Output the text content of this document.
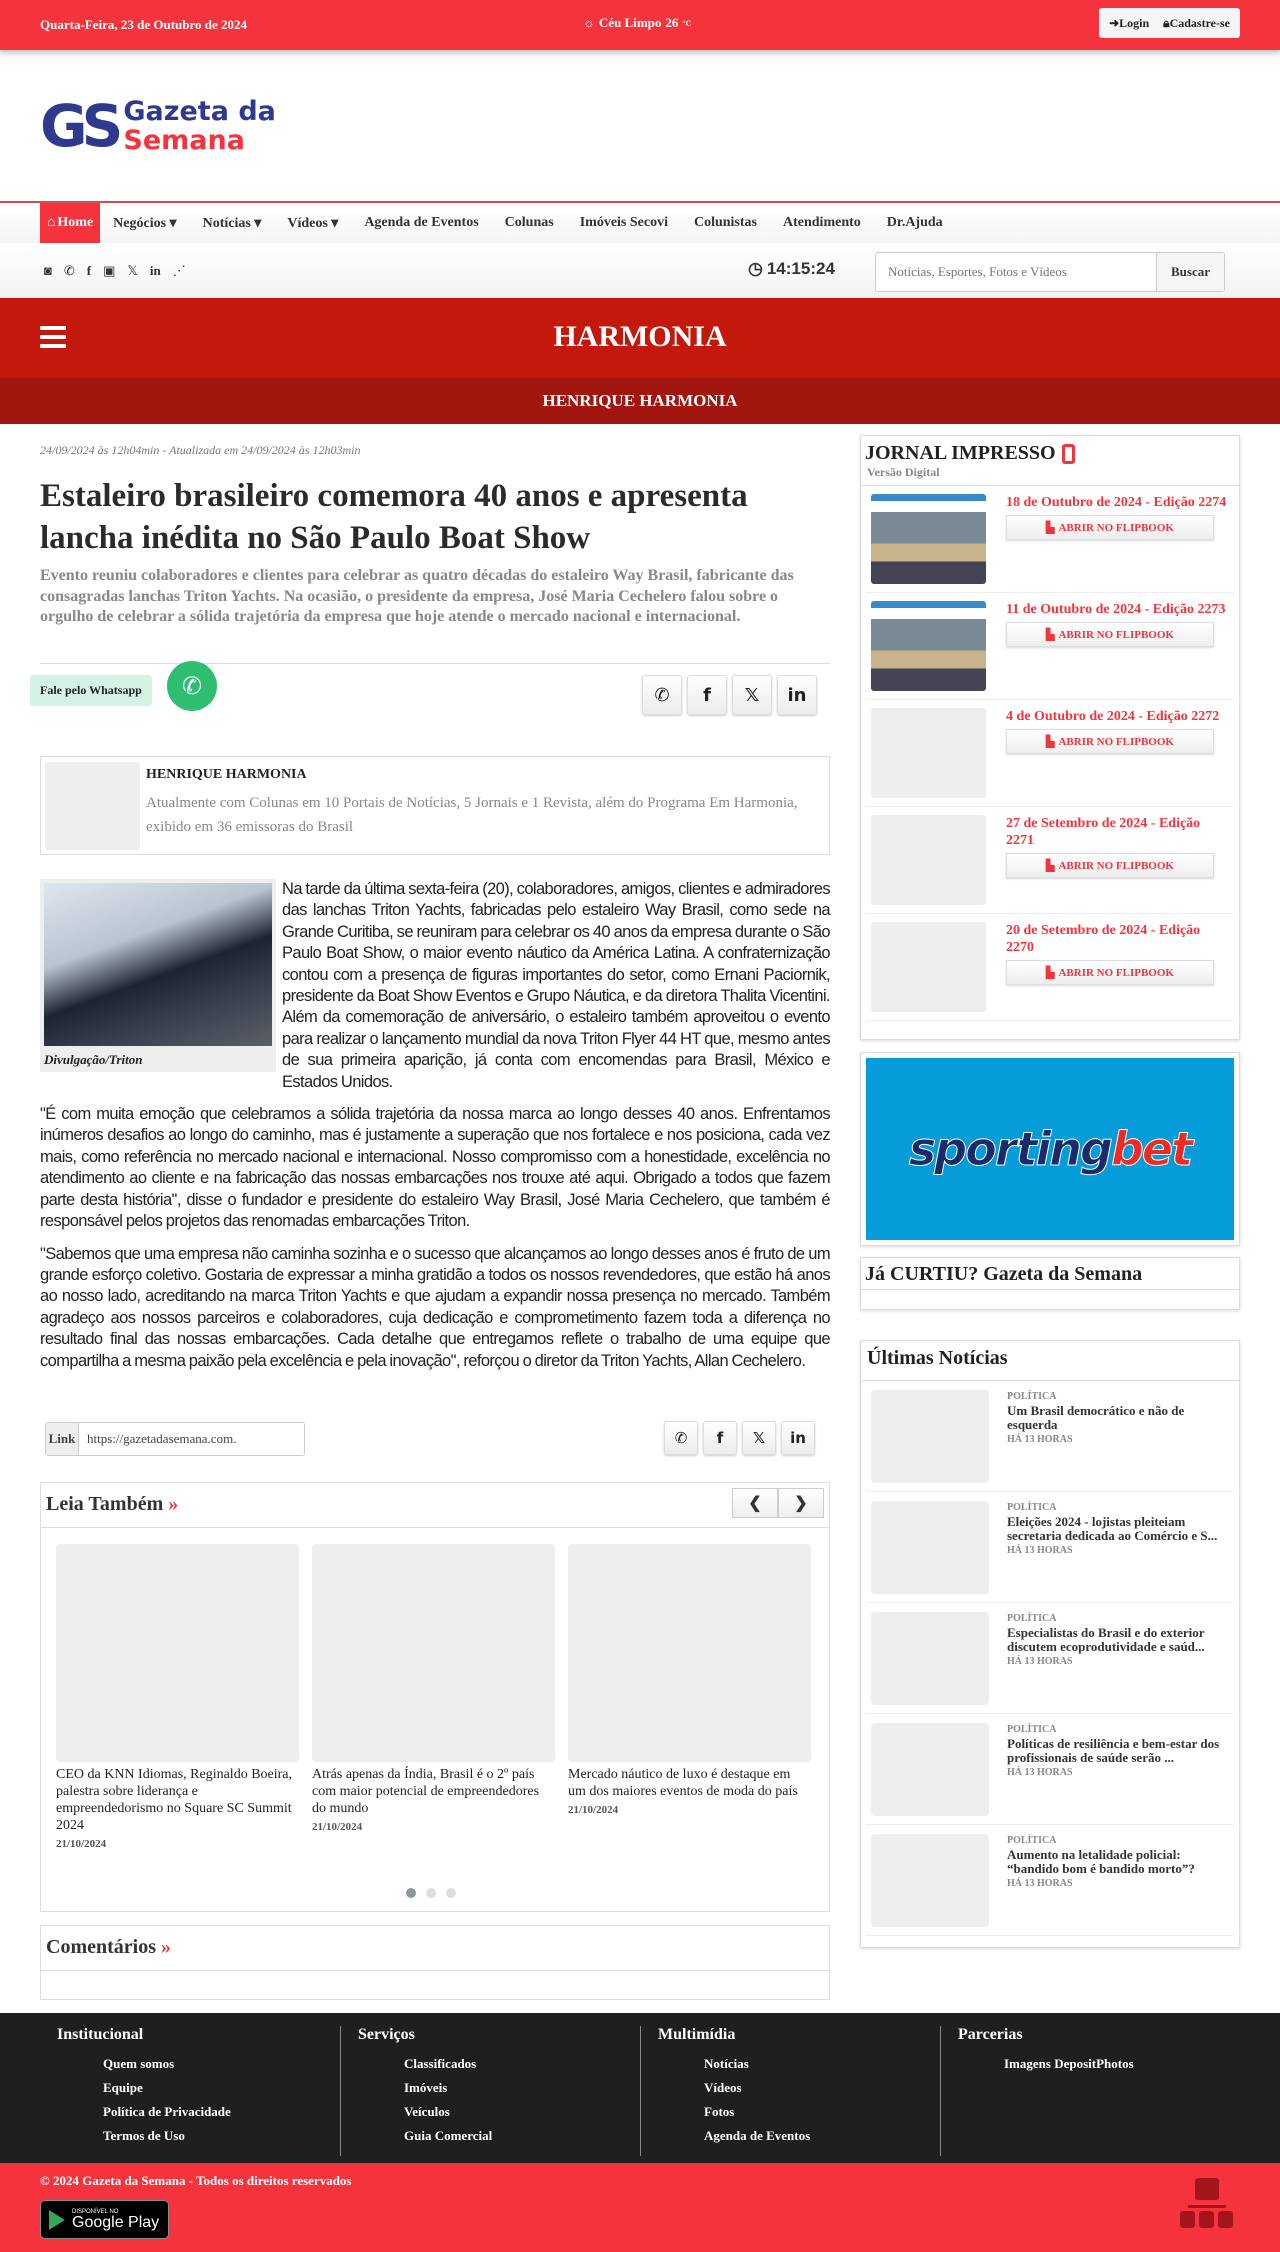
Quarta-Feira, 23 de Outubro de 2024	☼ Céu Limpo 26 °C	➜Login 🔒︎Cadastre-se
GS Gazeta da
Semana
⌂ Home Negócios ▾ Notícias ▾ Vídeos ▾ Agenda de Eventos Colunas Imóveis Secovi Colunistas Atendimento Dr.Ajuda
◙ ✆ f ▣ 𝕏 in ⋰	◷ 14:15:24
Notícias, Esportes, Fotos e Vídeos	Buscar
HARMONIA
HENRIQUE HARMONIA
24/09/2024 às 12h04min - Atualizada em 24/09/2024 às 12h03min
Estaleiro brasileiro comemora 40 anos e apresenta lancha inédita no São Paulo Boat Show
Evento reuniu colaboradores e clientes para celebrar as quatro décadas do estaleiro Way Brasil, fabricante das consagradas lanchas Triton Yachts. Na ocasião, o presidente da empresa, José Maria Cechelero falou sobre o orgulho de celebrar a sólida trajetória da empresa que hoje atende o mercado nacional e internacional.
Fale pelo Whatsapp	✆	✆	f	𝕏	in
HENRIQUE HARMONIA
Atualmente com Colunas em 10 Portais de Notícias, 5 Jornais e 1 Revista, além do Programa Em Harmonia, exibido em 36 emissoras do Brasil
Divulgação/Triton

Na tarde da última sexta-feira (20), colaboradores, amigos, clientes e admiradores das lanchas Triton Yachts, fabricadas pelo estaleiro Way Brasil, como sede na Grande Curitiba, se reuniram para celebrar os 40 anos da empresa durante o São Paulo Boat Show, o maior evento náutico da América Latina. A confraternização contou com a presença de figuras importantes do setor, como Ernani Paciornik, presidente da Boat Show Eventos e Grupo Náutica, e da diretora Thalita Vicentini. Além da comemoração de aniversário, o estaleiro também aproveitou o evento para realizar o lançamento mundial da nova Triton Flyer 44 HT que, mesmo antes de sua primeira aparição, já conta com encomendas para Brasil, México e Estados Unidos.

"É com muita emoção que celebramos a sólida trajetória da nossa marca ao longo desses 40 anos. Enfrentamos inúmeros desafios ao longo do caminho, mas é justamente a superação que nos fortalece e nos posiciona, cada vez mais, como referência no mercado nacional e internacional. Nosso compromisso com a honestidade, excelência no atendimento ao cliente e na fabricação das nossas embarcações nos trouxe até aqui. Obrigado a todos que fazem parte desta história", disse o fundador e presidente do estaleiro Way Brasil, José Maria Cechelero, que também é responsável pelos projetos das renomadas embarcações Triton.

"Sabemos que uma empresa não caminha sozinha e o sucesso que alcançamos ao longo desses anos é fruto de um grande esforço coletivo. Gostaria de expressar a minha gratidão a todos os nossos revendedores, que estão há anos ao nosso lado, acreditando na marca Triton Yachts e que ajudam a expandir nossa presença no mercado. Também agradeço aos nossos parceiros e colaboradores, cuja dedicação e comprometimento fazem toda a diferença no resultado final das nossas embarcações. Cada detalhe que entregamos reflete o trabalho de uma equipe que compartilha a mesma paixão pela excelência e pela inovação", reforçou o diretor da Triton Yachts, Allan Cechelero.

Link
https://gazetadasemana.com.	✆	f	𝕏	in
Leia Também »	❮	❯
CEO da KNN Idiomas, Reginaldo Boeira, palestra sobre liderança e empreendedorismo no Square SC Summit 2024
21/10/2024
Atrás apenas da Índia, Brasil é o 2º país com maior potencial de empreendedores do mundo
21/10/2024
Mercado náutico de luxo é destaque em um dos maiores eventos de moda do país
21/10/2024
Comentários »
JORNAL IMPRESSO
Versão Digital
18 de Outubro de 2024 - Edição 2274
▙ ABRIR NO FLIPBOOK
11 de Outubro de 2024 - Edição 2273
▙ ABRIR NO FLIPBOOK
4 de Outubro de 2024 - Edição 2272
▙ ABRIR NO FLIPBOOK
27 de Setembro de 2024 - Edição 2271
▙ ABRIR NO FLIPBOOK
20 de Setembro de 2024 - Edição 2270
▙ ABRIR NO FLIPBOOK
sporting bet
Já CURTIU? Gazeta da Semana
Últimas Notícias
POLÍTICA
Um Brasil democrático e não de esquerda
HÁ 13 HORAS
POLÍTICA
Eleições 2024 - lojistas pleiteiam secretaria dedicada ao Comércio e S...
HÁ 13 HORAS
POLÍTICA
Especialistas do Brasil e do exterior discutem ecoprodutividade e saúd...
HÁ 13 HORAS
POLÍTICA
Políticas de resiliência e bem-estar dos profissionais de saúde serão ...
HÁ 13 HORAS
POLÍTICA
Aumento na letalidade policial: “bandido bom é bandido morto”?
HÁ 13 HORAS
Institucional
Quem somos
Equipe
Política de Privacidade
Termos de Uso
Serviços
Classificados
Imóveis
Veículos
Guia Comercial
Multimídia
Notícias
Vídeos
Fotos
Agenda de Eventos
Parcerias
Imagens DepositPhotos
© 2024 Gazeta da Semana - Todos os direitos reservados
DISPONÍVEL NO
Google Play
